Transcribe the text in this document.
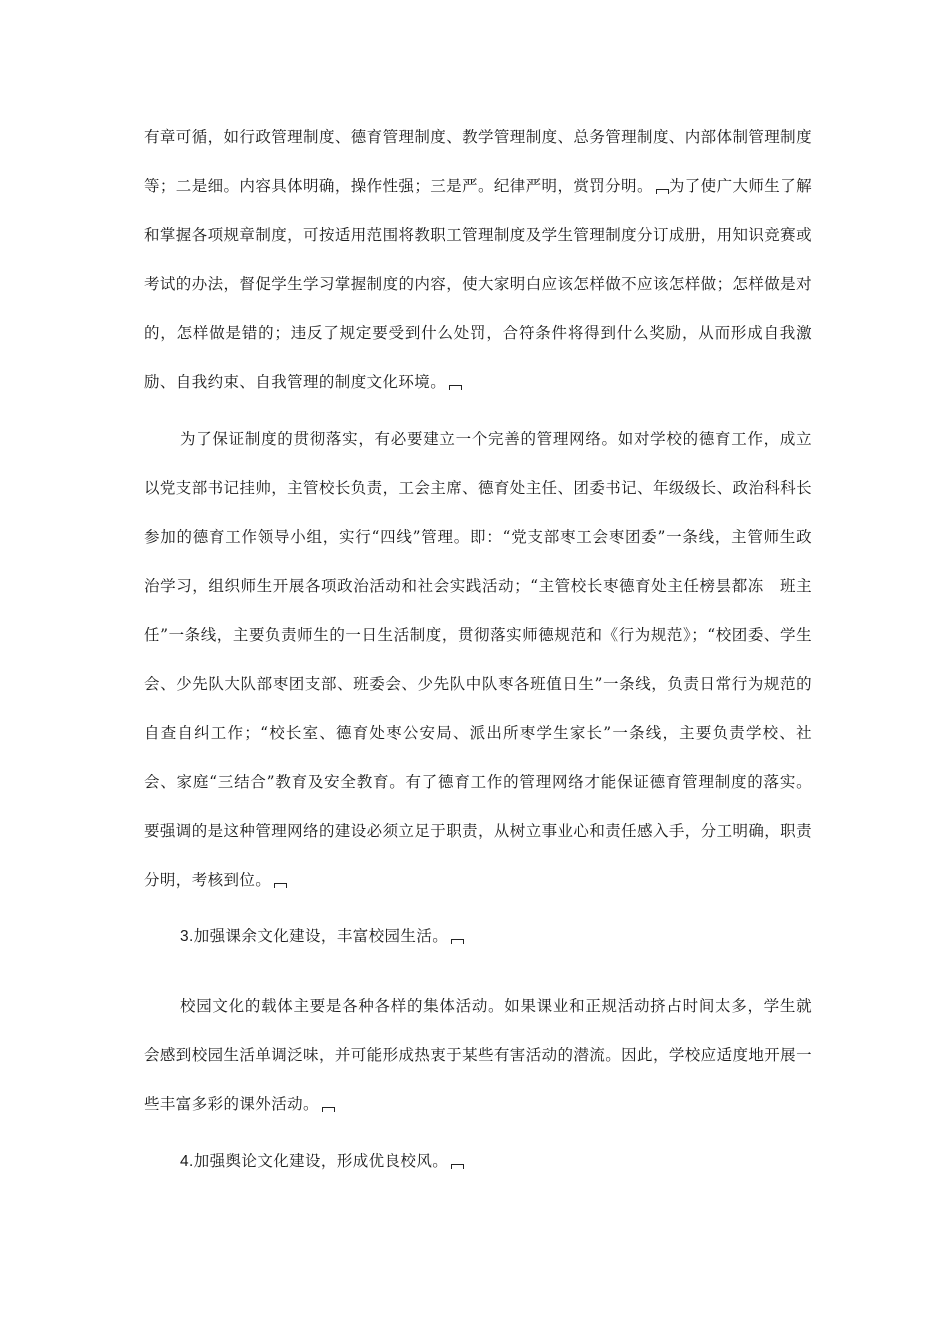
有章可循，如行政管理制度、德育管理制度、教学管理制度、总务管理制度、内部体制管理制度等；二是细。内容具体明确，操作性强；三是严。纪律严明，赏罚分明。 为了使广大师生了解和掌握各项规章制度，可按适用范围将教职工管理制度及学生管理制度分订成册，用知识竞赛或考试的办法，督促学生学习掌握制度的内容，使大家明白应该怎样做不应该怎样做；怎样做是对的，怎样做是错的；违反了规定要受到什么处罚，合符条件将得到什么奖励，从而形成自我激励、自我约束、自我管理的制度文化环境。

为了保证制度的贯彻落实，有必要建立一个完善的管理网络。如对学校的德育工作，成立以党支部书记挂帅，主管校长负责，工会主席、德育处主任、团委书记、年级级长、政治科科长参加的德育工作领导小组，实行“四线”管理。即：“党支部枣工会枣团委”一条线，主管师生政治学习，组织师生开展各项政治活动和社会实践活动；“主管校长枣德育处主任榜昙都冻　班主任”一条线，主要负责师生的一日生活制度，贯彻落实师德规范和《行为规范》；“校团委、学生会、少先队大队部枣团支部、班委会、少先队中队枣各班值日生”一条线，负责日常行为规范的自查自纠工作；“校长室、德育处枣公安局、派出所枣学生家长”一条线，主要负责学校、社会、家庭“三结合”教育及安全教育。有了德育工作的管理网络才能保证德育管理制度的落实。要强调的是这种管理网络的建设必须立足于职责，从树立事业心和责任感入手，分工明确，职责分明，考核到位。

3.加强课余文化建设，丰富校园生活。

校园文化的载体主要是各种各样的集体活动。如果课业和正规活动挤占时间太多，学生就会感到校园生活单调泛味，并可能形成热衷于某些有害活动的潜流。因此，学校应适度地开展一些丰富多彩的课外活动。

4.加强舆论文化建设，形成优良校风。
